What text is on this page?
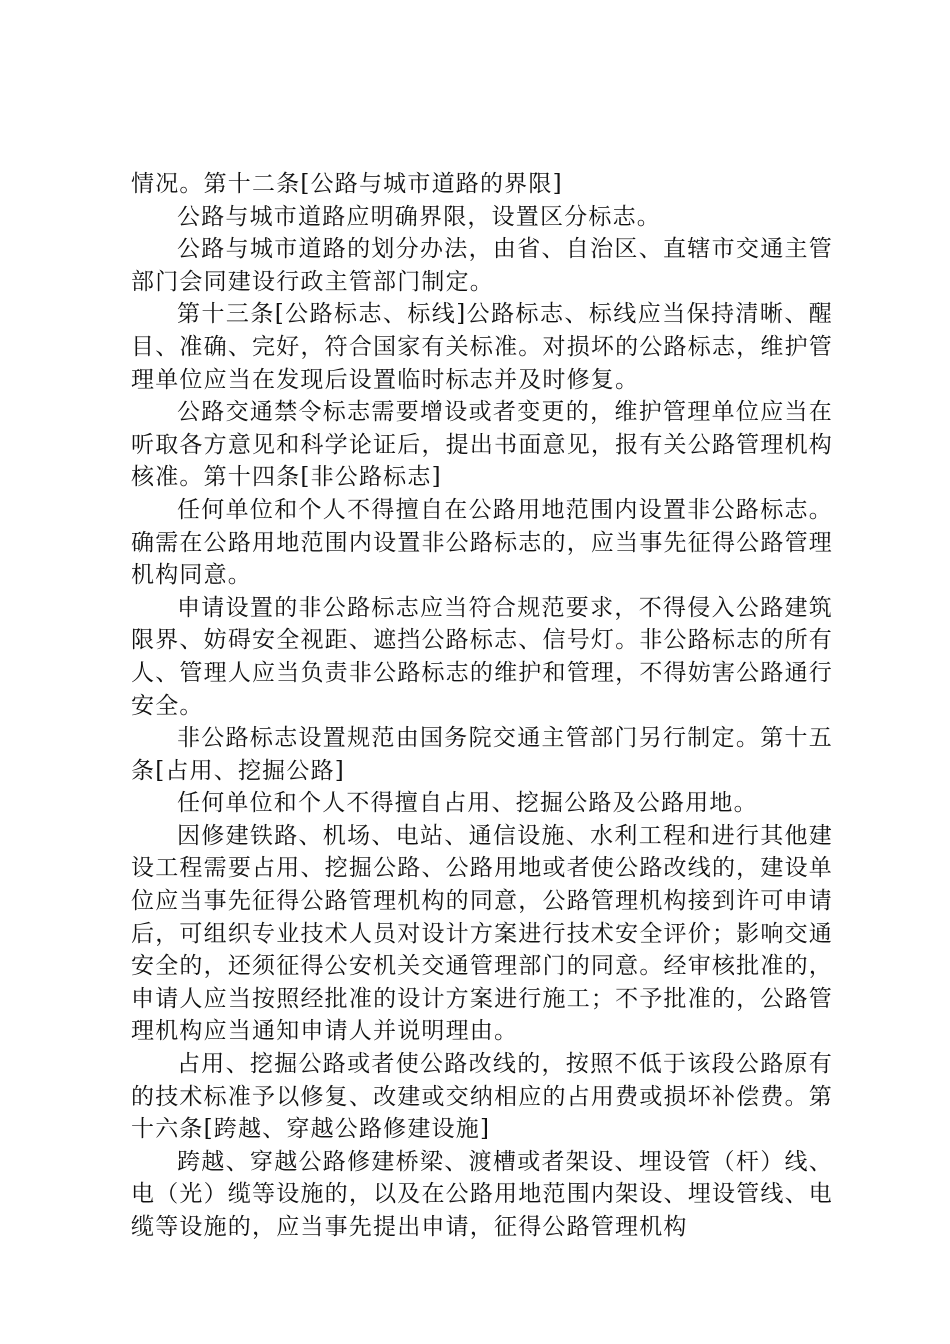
情况。第十二条[公路与城市道路的界限]

公路与城市道路应明确界限，设置区分标志。

公路与城市道路的划分办法，由省、自治区、直辖市交通主管部门会同建设行政主管部门制定。

第十三条[公路标志、标线]公路标志、标线应当保持清晰、醒目、准确、完好，符合国家有关标准。对损坏的公路标志，维护管理单位应当在发现后设置临时标志并及时修复。

公路交通禁令标志需要增设或者变更的，维护管理单位应当在听取各方意见和科学论证后，提出书面意见，报有关公路管理机构核准。第十四条[非公路标志]

任何单位和个人不得擅自在公路用地范围内设置非公路标志。确需在公路用地范围内设置非公路标志的，应当事先征得公路管理机构同意。

申请设置的非公路标志应当符合规范要求，不得侵入公路建筑限界、妨碍安全视距、遮挡公路标志、信号灯。非公路标志的所有人、管理人应当负责非公路标志的维护和管理，不得妨害公路通行安全。

非公路标志设置规范由国务院交通主管部门另行制定。第十五条[占用、挖掘公路]

任何单位和个人不得擅自占用、挖掘公路及公路用地。

因修建铁路、机场、电站、通信设施、水利工程和进行其他建设工程需要占用、挖掘公路、公路用地或者使公路改线的，建设单位应当事先征得公路管理机构的同意，公路管理机构接到许可申请后，可组织专业技术人员对设计方案进行技术安全评价；影响交通安全的，还须征得公安机关交通管理部门的同意。经审核批准的，申请人应当按照经批准的设计方案进行施工；不予批准的，公路管理机构应当通知申请人并说明理由。

占用、挖掘公路或者使公路改线的，按照不低于该段公路原有的技术标准予以修复、改建或交纳相应的占用费或损坏补偿费。第十六条[跨越、穿越公路修建设施]

跨越、穿越公路修建桥梁、渡槽或者架设、埋设管（杆）线、电（光）缆等设施的，以及在公路用地范围内架设、埋设管线、电缆等设施的，应当事先提出申请，征得公路管理机构
